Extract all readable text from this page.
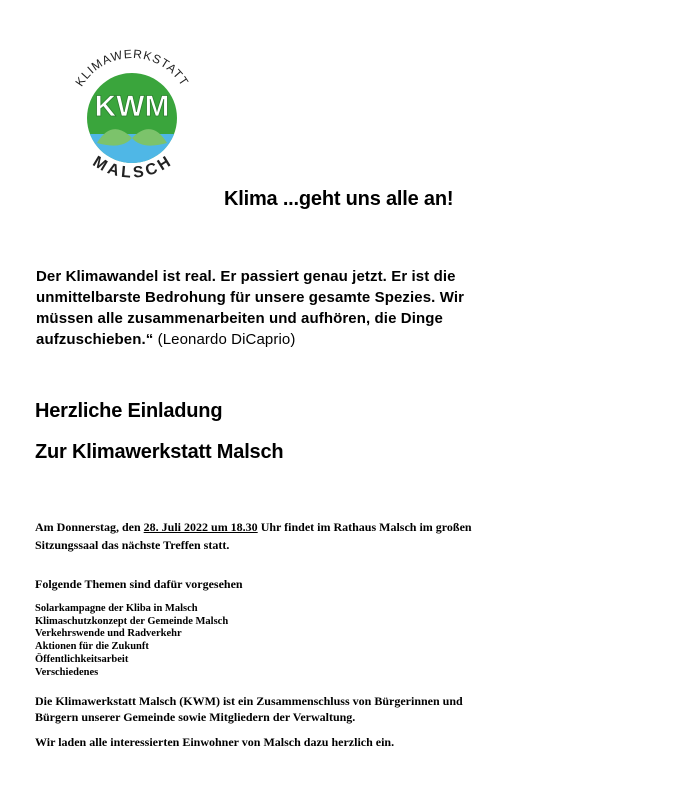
KWM
KLIMAWERKSTATT
MALSCH
Klima ...geht uns alle an!
Der Klimawandel ist real. Er passiert genau jetzt. Er ist die unmittelbarste Bedrohung für unsere gesamte Spezies. Wir müssen alle zusammenarbeiten und aufhören, die Dinge aufzuschieben.“ (Leonardo DiCaprio)
Herzliche Einladung
Zur Klimawerkstatt Malsch
Am Donnerstag, den 28. Juli 2022 um 18.30 Uhr findet im Rathaus Malsch im großen Sitzungssaal das nächste Treffen statt.
Folgende Themen sind dafür vorgesehen
Solarkampagne der Kliba in Malsch
Klimaschutzkonzept der Gemeinde Malsch
Verkehrswende und Radverkehr
Aktionen für die Zukunft
Öffentlichkeitsarbeit
Verschiedenes
Die Klimawerkstatt Malsch (KWM) ist ein Zusammenschluss von Bürgerinnen und Bürgern unserer Gemeinde sowie Mitgliedern der Verwaltung.
Wir laden alle interessierten Einwohner von Malsch dazu herzlich ein.
